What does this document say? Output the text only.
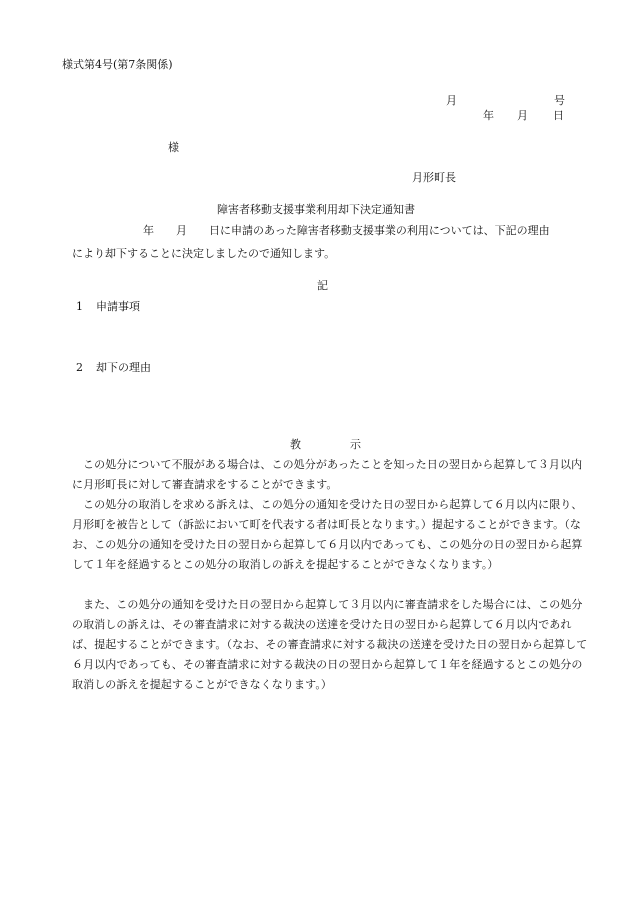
様式第4号(第7条関係)
月	号
年 月 日
様
月形町長
障害者移動支援事業利用却下決定通知書
年　　月　　日に申請のあった障害者移動支援事業の利用については、下記の理由
により却下することに決定しましたので通知します。
記
1 申請事項
2 却下の理由
教	示
この処分について不服がある場合は、この処分があったことを知った日の翌日から起算して３月以内に月形町長に対して審査請求をすることができます。
この処分の取消しを求める訴えは、この処分の通知を受けた日の翌日から起算して６月以内に限り、月形町を被告として（訴訟において町を代表する者は町長となります。）提起することができます。（なお、この処分の通知を受けた日の翌日から起算して６月以内であっても、この処分の日の翌日から起算して１年を経過するとこの処分の取消しの訴えを提起することができなくなります。）
また、この処分の通知を受けた日の翌日から起算して３月以内に審査請求をした場合には、この処分の取消しの訴えは、その審査請求に対する裁決の送達を受けた日の翌日から起算して６月以内であれば、提起することができます。（なお、その審査請求に対する裁決の送達を受けた日の翌日から起算して６月以内であっても、その審査請求に対する裁決の日の翌日から起算して１年を経過するとこの処分の取消しの訴えを提起することができなくなります。）
